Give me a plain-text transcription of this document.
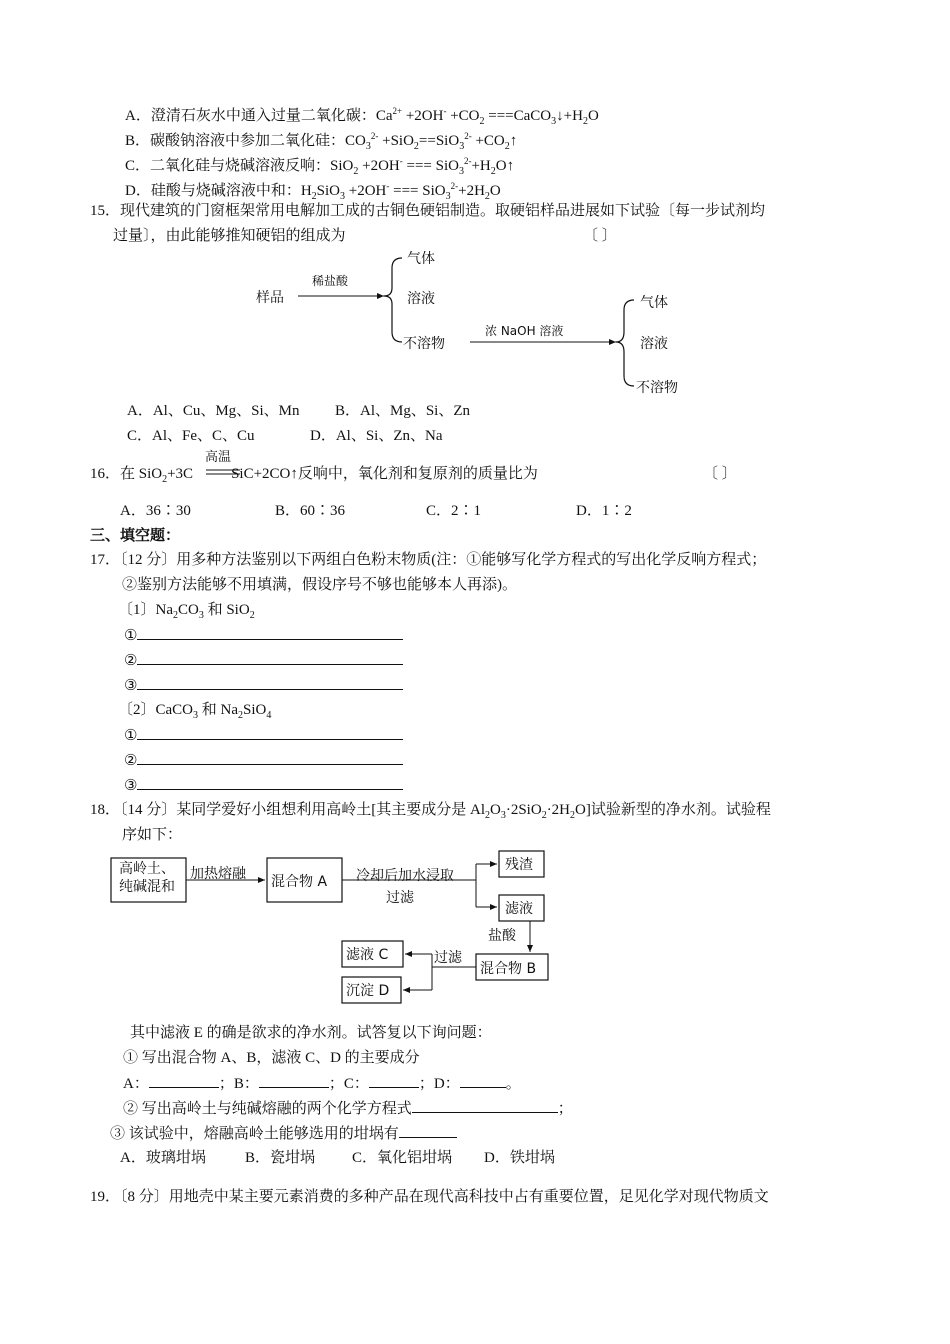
A．澄清石灰水中通入过量二氧化碳：$Ca^{2+} +2OH^- +CO_2$ $===CaCO_3↓+H_2O$
B．碳酸钠溶液中参加二氧化硅：$CO_3^{2-} +SiO_2==SiO_3^{2-}$ $+CO_2↑$
C．二氧化硅与烧碱溶液反响：SiO$_2$ +2OH- === $SiO_3^{2-}+H_2O↑$
D．硅酸与烧碱溶液中和：$H_2SiO_3 +2OH^-$ === $SiO_3^{2-}+2H_2O$
15．现代建筑的门窗框架常用电解加工成的古铜色硬铝制造。取硬铝样品进展如下试验〔每一步试剂均
过量〕，由此能够推知硬铝的组成为	〔 〕
样品
稀盐酸
气体
溶液
不溶物
浓 NaOH 溶液
气体
溶液
不溶物
A．Al、Cu、Mg、Si、Mn B．Al、Mg、Si、Zn
C．Al、Fe、C、Cu	D．Al、Si、Zn、Na
16．在 SiO$_2$+3C	SiC+2CO↑反响中，氧化剂和复原剂的质量比为
高温
〔 〕
A．36∶30	B．60∶36	C．2∶1	D．1∶2
三、填空题：
17．〔12 分〕用多种方法鉴别以下两组白色粉末物质(注：①能够写化学方程式的写出化学反响方程式；
②鉴别方法能够不用填满，假设序号不够也能够本人再添)。
〔1〕$Na_2CO_3$ 和 SiO$_2$
①
②
③
〔2〕CaCO$_3$ 和 $Na_2SiO_4$
①
②
③
18．〔14 分〕某同学爱好小组想利用高岭土[其主要成分是 $Al_2O_3\cdot 2SiO_2\cdot 2H_2O$]试验新型的净水剂。试验程
序如下：
高岭土、
纯碱混和
加热熔融 混合物 A 冷却后加水浸取
过滤
残渣
滤液
盐酸
混合物 B
过滤
滤液 C
沉淀 D
其中滤液 E 的确是欲求的净水剂。试答复以下询问题：
① 写出混合物 A、B，滤液 C、D 的主要成分
A：	；B：	；C：	；D：	。
② 写出高岭土与纯碱熔融的两个化学方程式	；
③ 该试验中，熔融高岭土能够选用的坩埚有
A．玻璃坩埚	B．瓷坩埚 C．氧化铝坩埚 D．铁坩埚
19．〔8 分〕用地壳中某主要元素消费的多种产品在现代高科技中占有重要位置，足见化学对现代物质文
